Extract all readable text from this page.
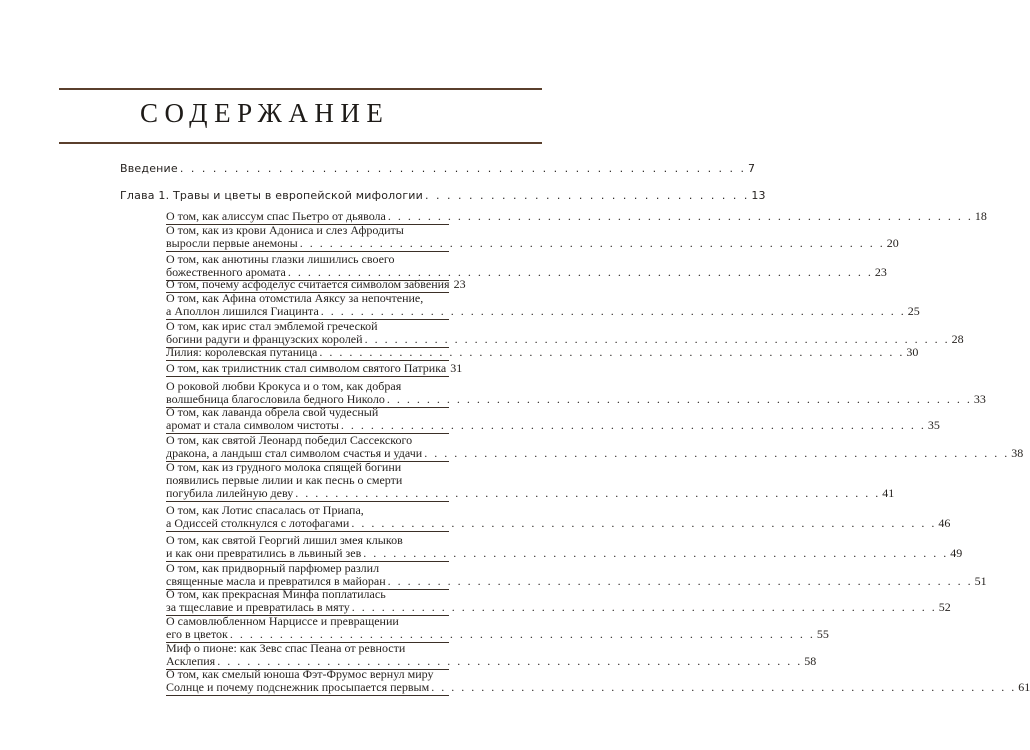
СОДЕРЖАНИЕ
Введение . . . . . . . . . . . . . . . . . . . . . . . . . . . . . . . . . . . . . . . . . . . . . . . . . . . . 7
Глава 1. Травы и цветы в европейской мифологии . . . . . . . . . . . . . . . . . . . . . . . . . . . . . . 13
О том, как алиссум спас Пьетро от дьявола . . . . . . . . . . . . . . . . . . . . . . . . . . . . . . . . . . . . . . . . . . . . . . . . . . . . . . . . . . . 18
О том, как из крови Адониса и слез Афродиты
выросли первые анемоны . . . . . . . . . . . . . . . . . . . . . . . . . . . . . . . . . . . . . . . . . . . . . . . . . . . . . . . . . . . 20
О том, как анютины глазки лишились своего
божественного аромата . . . . . . . . . . . . . . . . . . . . . . . . . . . . . . . . . . . . . . . . . . . . . . . . . . . . . . . . . . . 23
О том, почему асфоделус считается символом забвения 23
О том, как Афина отомстила Аяксу за непочтение,
а Аполлон лишился Гиацинта . . . . . . . . . . . . . . . . . . . . . . . . . . . . . . . . . . . . . . . . . . . . . . . . . . . . . . . . . . . 25
О том, как ирис стал эмблемой греческой
богини радуги и французских королей . . . . . . . . . . . . . . . . . . . . . . . . . . . . . . . . . . . . . . . . . . . . . . . . . . . . . . . . . . . 28
Лилия: королевская путаница . . . . . . . . . . . . . . . . . . . . . . . . . . . . . . . . . . . . . . . . . . . . . . . . . . . . . . . . . . . 30
О том, как трилистник стал символом святого Патрика 31
О роковой любви Крокуса и о том, как добрая
волшебница благословила бедного Николо . . . . . . . . . . . . . . . . . . . . . . . . . . . . . . . . . . . . . . . . . . . . . . . . . . . . . . . . . . . 33
О том, как лаванда обрела свой чудесный
аромат и стала символом чистоты . . . . . . . . . . . . . . . . . . . . . . . . . . . . . . . . . . . . . . . . . . . . . . . . . . . . . . . . . . . 35
О том, как святой Леонард победил Сассекского
дракона, а ландыш стал символом счастья и удачи . . . . . . . . . . . . . . . . . . . . . . . . . . . . . . . . . . . . . . . . . . . . . . . . . . . . . . . . . . . 38
О том, как из грудного молока спящей богини
появились первые лилии и как песнь о смерти
погубила лилейную деву . . . . . . . . . . . . . . . . . . . . . . . . . . . . . . . . . . . . . . . . . . . . . . . . . . . . . . . . . . . 41
О том, как Лотис спасалась от Приапа,
а Одиссей столкнулся с лотофагами . . . . . . . . . . . . . . . . . . . . . . . . . . . . . . . . . . . . . . . . . . . . . . . . . . . . . . . . . . . 46
О том, как святой Георгий лишил змея клыков
и как они превратились в львиный зев . . . . . . . . . . . . . . . . . . . . . . . . . . . . . . . . . . . . . . . . . . . . . . . . . . . . . . . . . . . 49
О том, как придворный парфюмер разлил
священные масла и превратился в майоран . . . . . . . . . . . . . . . . . . . . . . . . . . . . . . . . . . . . . . . . . . . . . . . . . . . . . . . . . . . 51
О том, как прекрасная Минфа поплатилась
за тщеславие и превратилась в мяту . . . . . . . . . . . . . . . . . . . . . . . . . . . . . . . . . . . . . . . . . . . . . . . . . . . . . . . . . . . 52
О самовлюбленном Нарциссе и превращении
его в цветок . . . . . . . . . . . . . . . . . . . . . . . . . . . . . . . . . . . . . . . . . . . . . . . . . . . . . . . . . . . 55
Миф о пионе: как Зевс спас Пеана от ревности
Асклепия . . . . . . . . . . . . . . . . . . . . . . . . . . . . . . . . . . . . . . . . . . . . . . . . . . . . . . . . . . . 58
О том, как смелый юноша Фэт-Фрумос вернул миру
Солнце и почему подснежник просыпается первым . . . . . . . . . . . . . . . . . . . . . . . . . . . . . . . . . . . . . . . . . . . . . . . . . . . . . . . . . . . 61
